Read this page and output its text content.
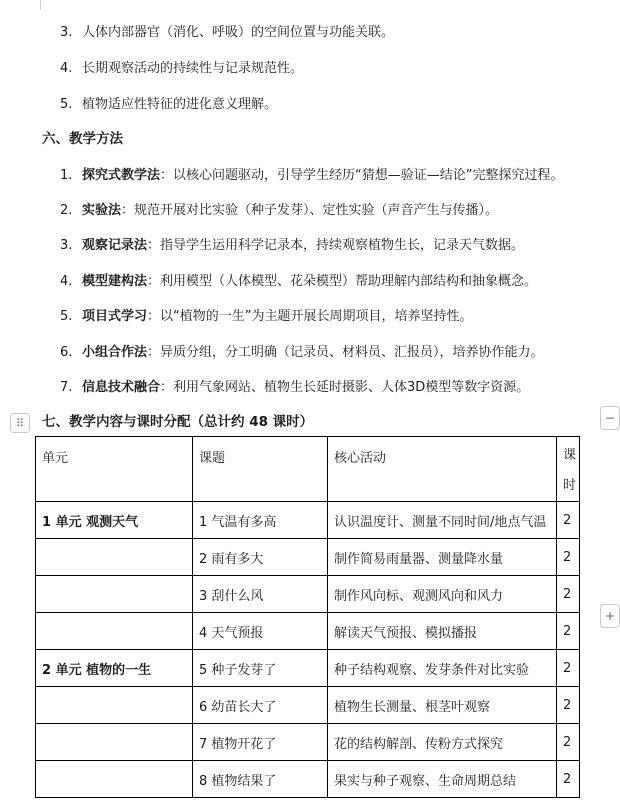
3. 人体内部器官（消化、呼吸）的空间位置与功能关联。
4. 长期观察活动的持续性与记录规范性。
5. 植物适应性特征的进化意义理解。
六、教学方法
1. 探究式教学法：以核心问题驱动，引导学生经历“猜想—验证—结论”完整探究过程。
2. 实验法：规范开展对比实验（种子发芽）、定性实验（声音产生与传播）。
3. 观察记录法：指导学生运用科学记录本，持续观察植物生长，记录天气数据。
4. 模型建构法：利用模型（人体模型、花朵模型）帮助理解内部结构和抽象概念。
5. 项目式学习：以“植物的一生”为主题开展长周期项目，培养坚持性。
6. 小组合作法：异质分组，分工明确（记录员、材料员、汇报员），培养协作能力。
7. 信息技术融合：利用气象网站、植物生长延时摄影、人体3D模型等数字资源。
七、教学内容与课时分配（总计约 48 课时）
⠿	−
+
单元	课题	核心活动	课
时

1 单元 观测天气	1 气温有多高	认识温度计、测量不同时间/地点气温	2
	2 雨有多大	制作简易雨量器、测量降水量	2
	3 刮什么风	制作风向标、观测风向和风力	2
	4 天气预报	解读天气预报、模拟播报	2
2 单元 植物的一生	5 种子发芽了	种子结构观察、发芽条件对比实验	2
	6 幼苗长大了	植物生长测量、根茎叶观察	2
	7 植物开花了	花的结构解剖、传粉方式探究	2
	8 植物结果了	果实与种子观察、生命周期总结	2
